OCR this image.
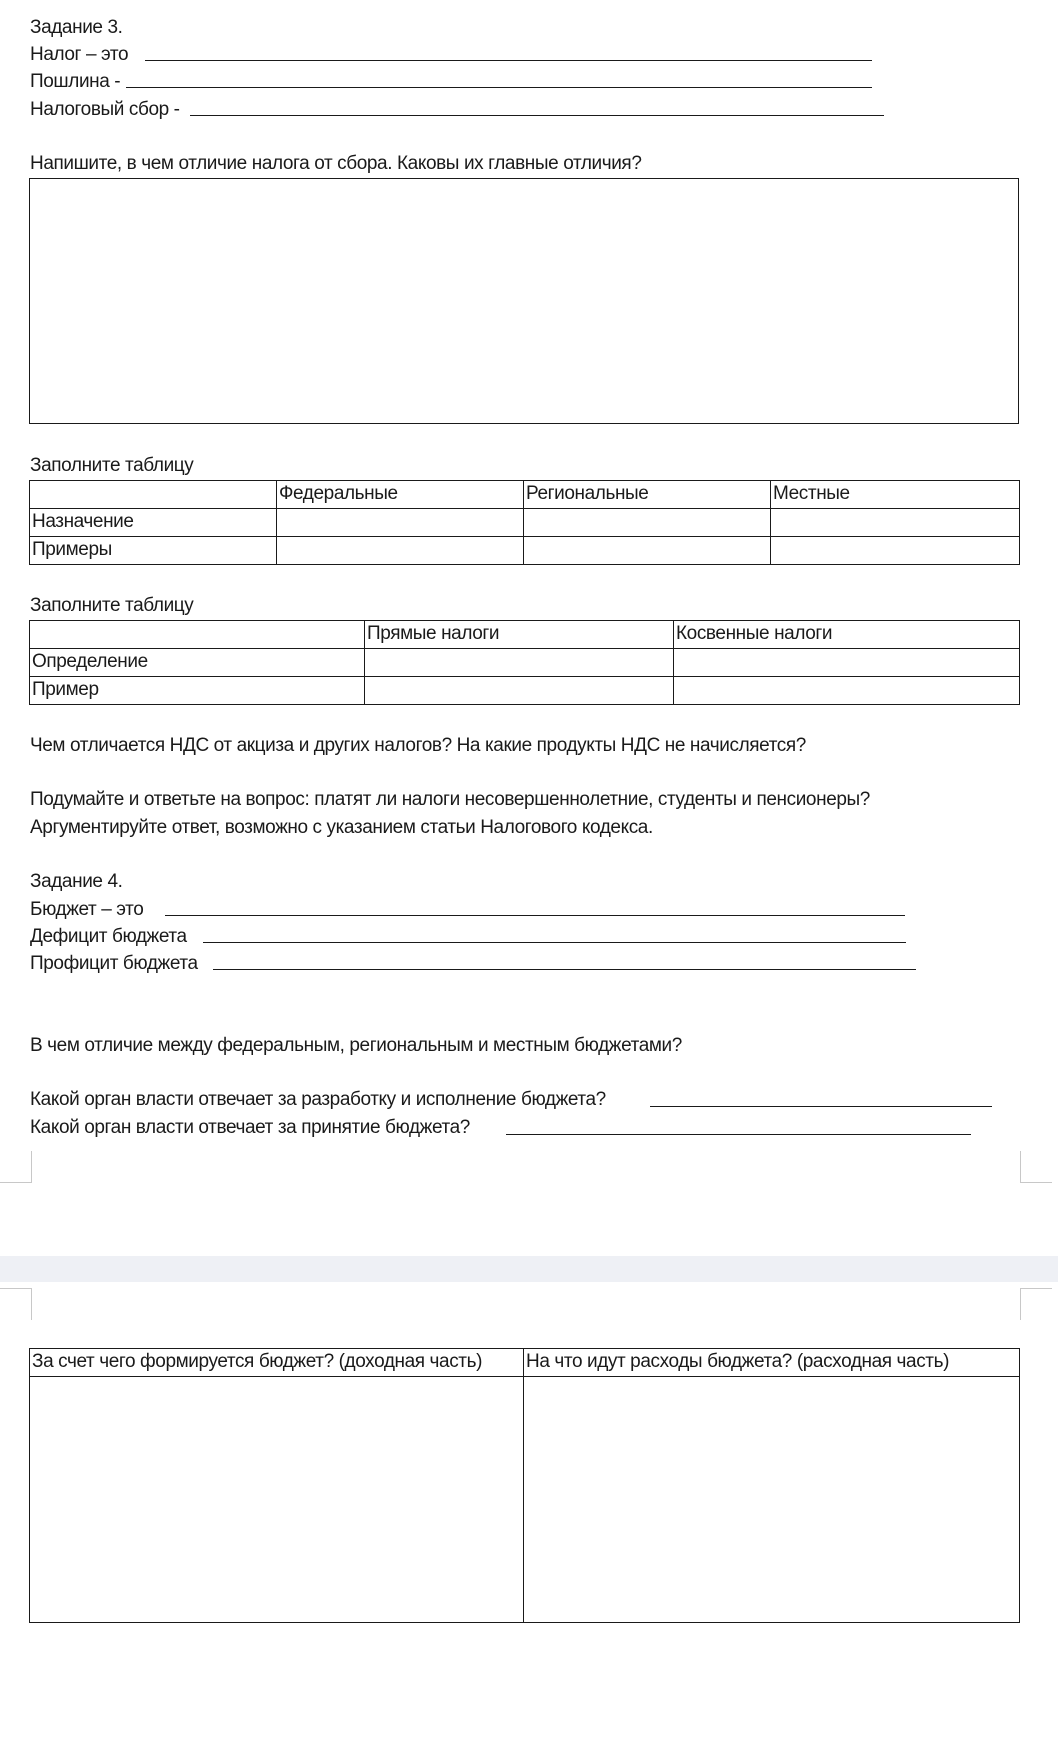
Задание 3.
Налог – это
Пошлина -
Налоговый сбор -
Напишите, в чем отличие налога от сбора. Каковы их главные отличия?
Заполните таблицу
	Федеральные	Региональные	Местные
Назначение			
Примеры			
Заполните таблицу
	Прямые налоги	Косвенные налоги
Определение		
Пример		
Чем отличается НДС от акциза и других налогов? На какие продукты НДС не начисляется?
Подумайте и ответьте на вопрос: платят ли налоги несовершеннолетние, студенты и пенсионеры?
Аргументируйте ответ, возможно с указанием статьи Налогового кодекса.
Задание 4.
Бюджет – это
Дефицит бюджета
Профицит бюджета
В чем отличие между федеральным, региональным и местным бюджетами?
Какой орган власти отвечает за разработку и исполнение бюджета?
Какой орган власти отвечает за принятие бюджета?
За счет чего формируется бюджет? (доходная часть)	На что идут расходы бюджета? (расходная часть)
